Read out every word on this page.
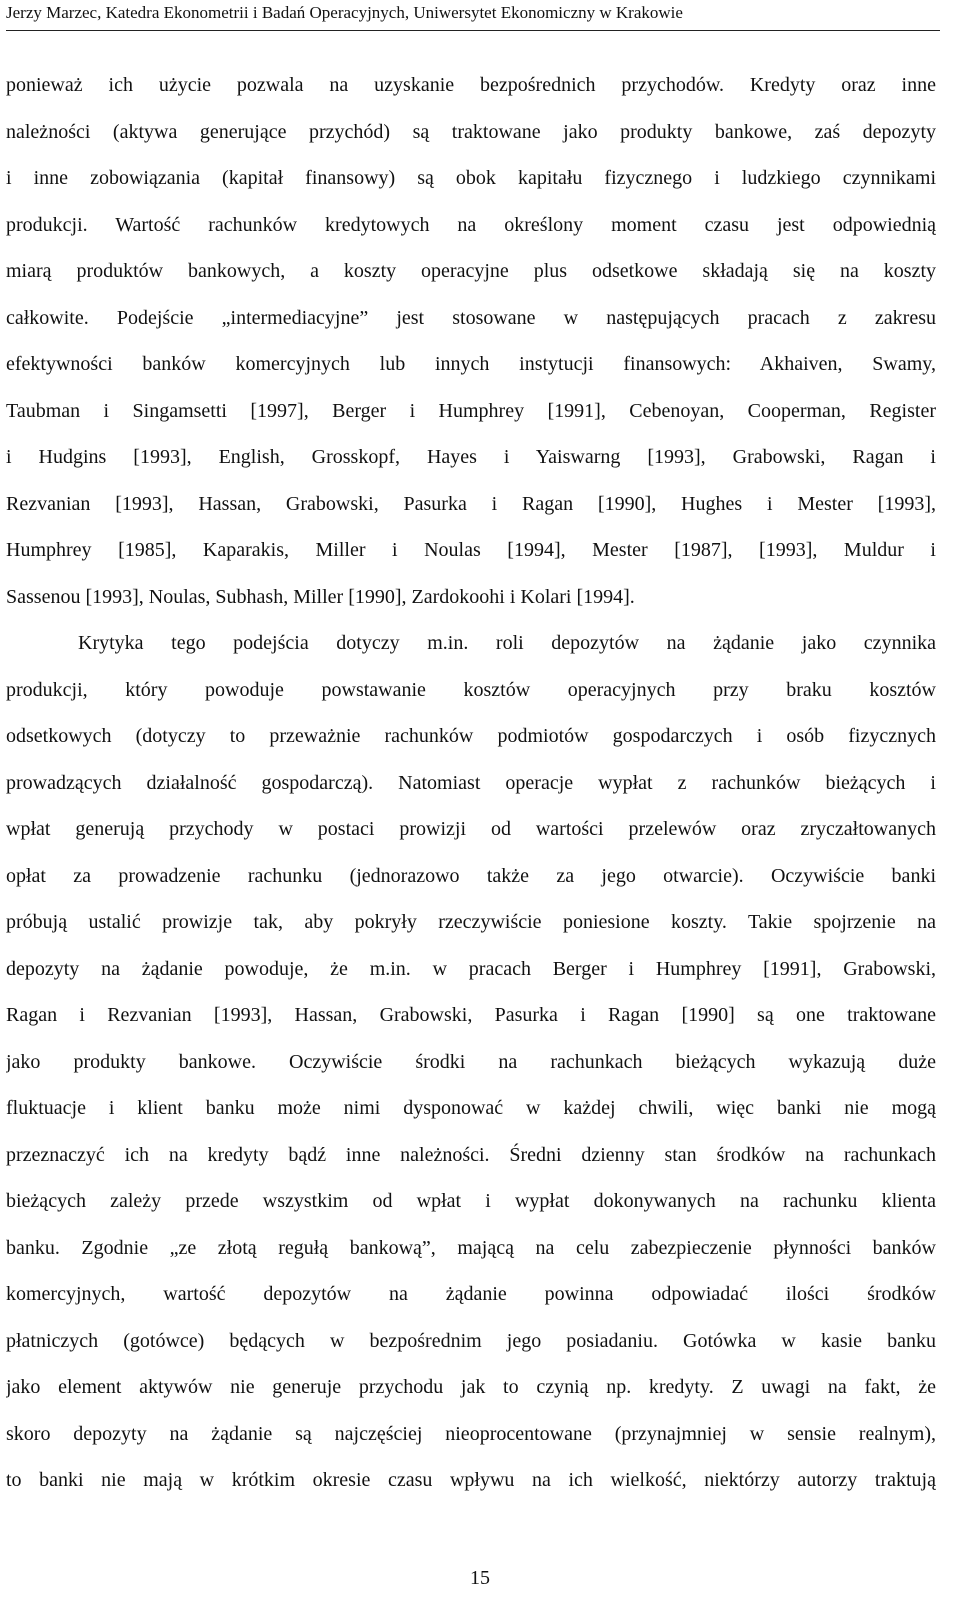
Jerzy Marzec, Katedra Ekonometrii i Badań Operacyjnych, Uniwersytet Ekonomiczny w Krakowie
ponieważ ich użycie pozwala na uzyskanie bezpośrednich przychodów. Kredyty oraz inne
należności (aktywa generujące przychód) są traktowane jako produkty bankowe, zaś depozyty
i inne zobowiązania (kapitał finansowy) są obok kapitału fizycznego i ludzkiego czynnikami
produkcji. Wartość rachunków kredytowych na określony moment czasu jest odpowiednią
miarą produktów bankowych, a koszty operacyjne plus odsetkowe składają się na koszty
całkowite. Podejście „intermediacyjne” jest stosowane w następujących pracach z zakresu
efektywności banków komercyjnych lub innych instytucji finansowych: Akhaiven, Swamy,
Taubman i Singamsetti [1997], Berger i Humphrey [1991], Cebenoyan, Cooperman, Register
i Hudgins [1993], English, Grosskopf, Hayes i Yaiswarng [1993], Grabowski, Ragan i
Rezvanian [1993], Hassan, Grabowski, Pasurka i Ragan [1990], Hughes i Mester [1993],
Humphrey [1985], Kaparakis, Miller i Noulas [1994], Mester [1987], [1993], Muldur i
Sassenou [1993], Noulas, Subhash, Miller [1990], Zardokoohi i Kolari [1994].
Krytyka tego podejścia dotyczy m.in. roli depozytów na żądanie jako czynnika
produkcji, który powoduje powstawanie kosztów operacyjnych przy braku kosztów
odsetkowych (dotyczy to przeważnie rachunków podmiotów gospodarczych i osób fizycznych
prowadzących działalność gospodarczą). Natomiast operacje wypłat z rachunków bieżących i
wpłat generują przychody w postaci prowizji od wartości przelewów oraz zryczałtowanych
opłat za prowadzenie rachunku (jednorazowo także za jego otwarcie). Oczywiście banki
próbują ustalić prowizje tak, aby pokryły rzeczywiście poniesione koszty. Takie spojrzenie na
depozyty na żądanie powoduje, że m.in. w pracach Berger i Humphrey [1991], Grabowski,
Ragan i Rezvanian [1993], Hassan, Grabowski, Pasurka i Ragan [1990] są one traktowane
jako produkty bankowe. Oczywiście środki na rachunkach bieżących wykazują duże
fluktuacje i klient banku może nimi dysponować w każdej chwili, więc banki nie mogą
przeznaczyć ich na kredyty bądź inne należności. Średni dzienny stan środków na rachunkach
bieżących zależy przede wszystkim od wpłat i wypłat dokonywanych na rachunku klienta
banku. Zgodnie „ze złotą regułą bankową”, mającą na celu zabezpieczenie płynności banków
komercyjnych, wartość depozytów na żądanie powinna odpowiadać ilości środków
płatniczych (gotówce) będących w bezpośrednim jego posiadaniu. Gotówka w kasie banku
jako element aktywów nie generuje przychodu jak to czynią np. kredyty. Z uwagi na fakt, że
skoro depozyty na żądanie są najczęściej nieoprocentowane (przynajmniej w sensie realnym),
to banki nie mają w krótkim okresie czasu wpływu na ich wielkość, niektórzy autorzy traktują
15
